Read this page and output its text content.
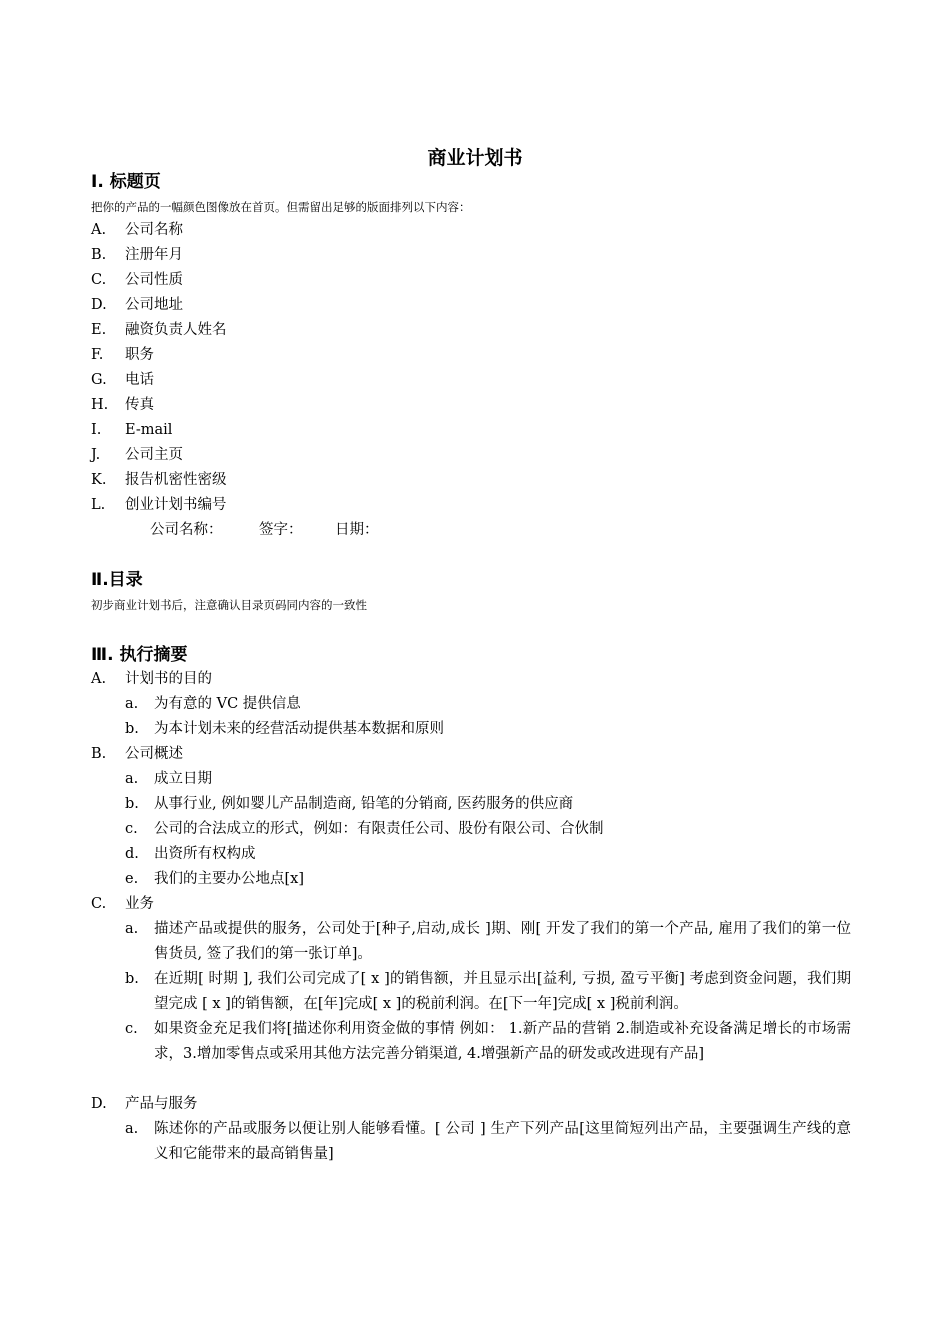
商业计划书
Ⅰ. 标题页
把你的产品的一幅颜色图像放在首页。但需留出足够的版面排列以下内容：
A. 公司名称
B. 注册年月
C. 公司性质
D. 公司地址
E. 融资负责人姓名
F. 职务
G. 电话
H. 传真
I. E-mail
J. 公司主页
K. 报告机密性密级
L. 创业计划书编号
公司名称：	签字： 日期：
Ⅱ.目录
初步商业计划书后，注意确认目录页码同内容的一致性
Ⅲ. 执行摘要
A. 计划书的目的
a. 为有意的 VC 提供信息
b. 为本计划未来的经营活动提供基本数据和原则
B. 公司概述
a. 成立日期
b. 从事行业, 例如婴儿产品制造商, 铅笔的分销商, 医药服务的供应商
c. 公司的合法成立的形式，例如：有限责任公司、股份有限公司、合伙制
d. 出资所有权构成
e. 我们的主要办公地点[x]
C. 业务
a.	描述产品或提供的服务，公司处于[种子,启动,成长 ]期、刚[ 开发了我们的第一个产品, 雇用了我们的第一位售货员, 签了我们的第一张订单]。
b.	在近期[ 时期 ], 我们公司完成了[ x ]的销售额，并且显示出[益利, 亏损, 盈亏平衡] 考虑到资金问题，我们期望完成 [ x ]的销售额，在[年]完成[ x ]的税前利润。在[下一年]完成[ x ]税前利润。
c.	如果资金充足我们将[描述你利用资金做的事情 例如： 1.新产品的营销 2.制造或补充设备满足增长的市场需求，3.增加零售点或采用其他方法完善分销渠道, 4.增强新产品的研发或改进现有产品]
D. 产品与服务
a.	陈述你的产品或服务以便让别人能够看懂。[ 公司 ] 生产下列产品[这里简短列出产品，主要强调生产线的意义和它能带来的最高销售量]
